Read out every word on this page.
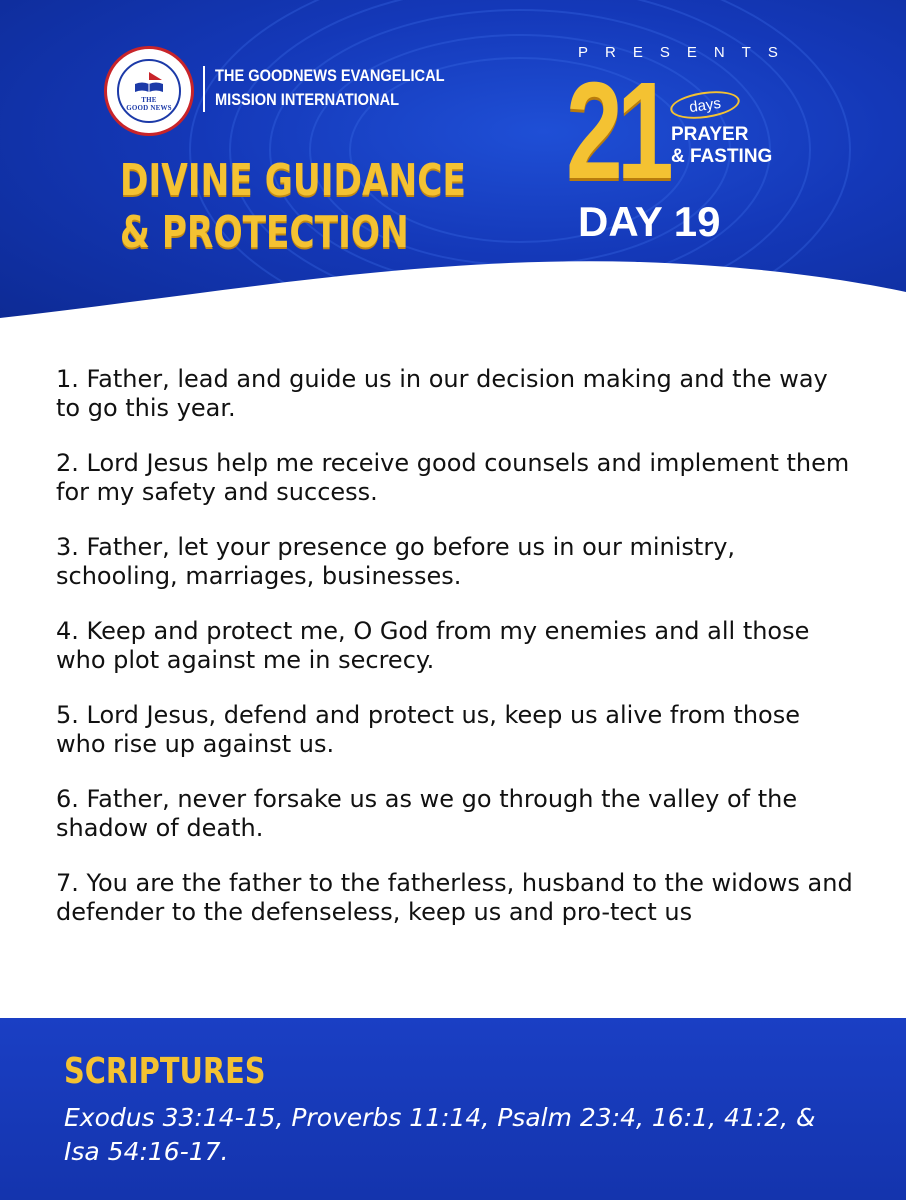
THE
GOOD NEWS
THE GOODNEWS EVANGELICAL
MISSION INTERNATIONAL
DIVINE GUIDANCE
& PROTECTION
PRESENTS
21 days
PRAYER
& FASTING
DAY 19
1. Father, lead and guide us in our decision making and the way to go this year.
2. Lord Jesus help me receive good counsels and implement them for my safety and success.
3. Father, let your presence go before us in our ministry, schooling, marriages, businesses.
4. Keep and protect me, O God from my enemies and all those who plot against me in secrecy.
5. Lord Jesus, defend and protect us, keep us alive from those who rise up against us.
6. Father, never forsake us as we go through the valley of the shadow of death.
7. You are the father to the fatherless, husband to the widows and defender to the defenseless, keep us and pro-tect us
SCRIPTURES
Exodus 33:14-15, Proverbs 11:14, Psalm 23:4, 16:1, 41:2, & Isa 54:16-17.
